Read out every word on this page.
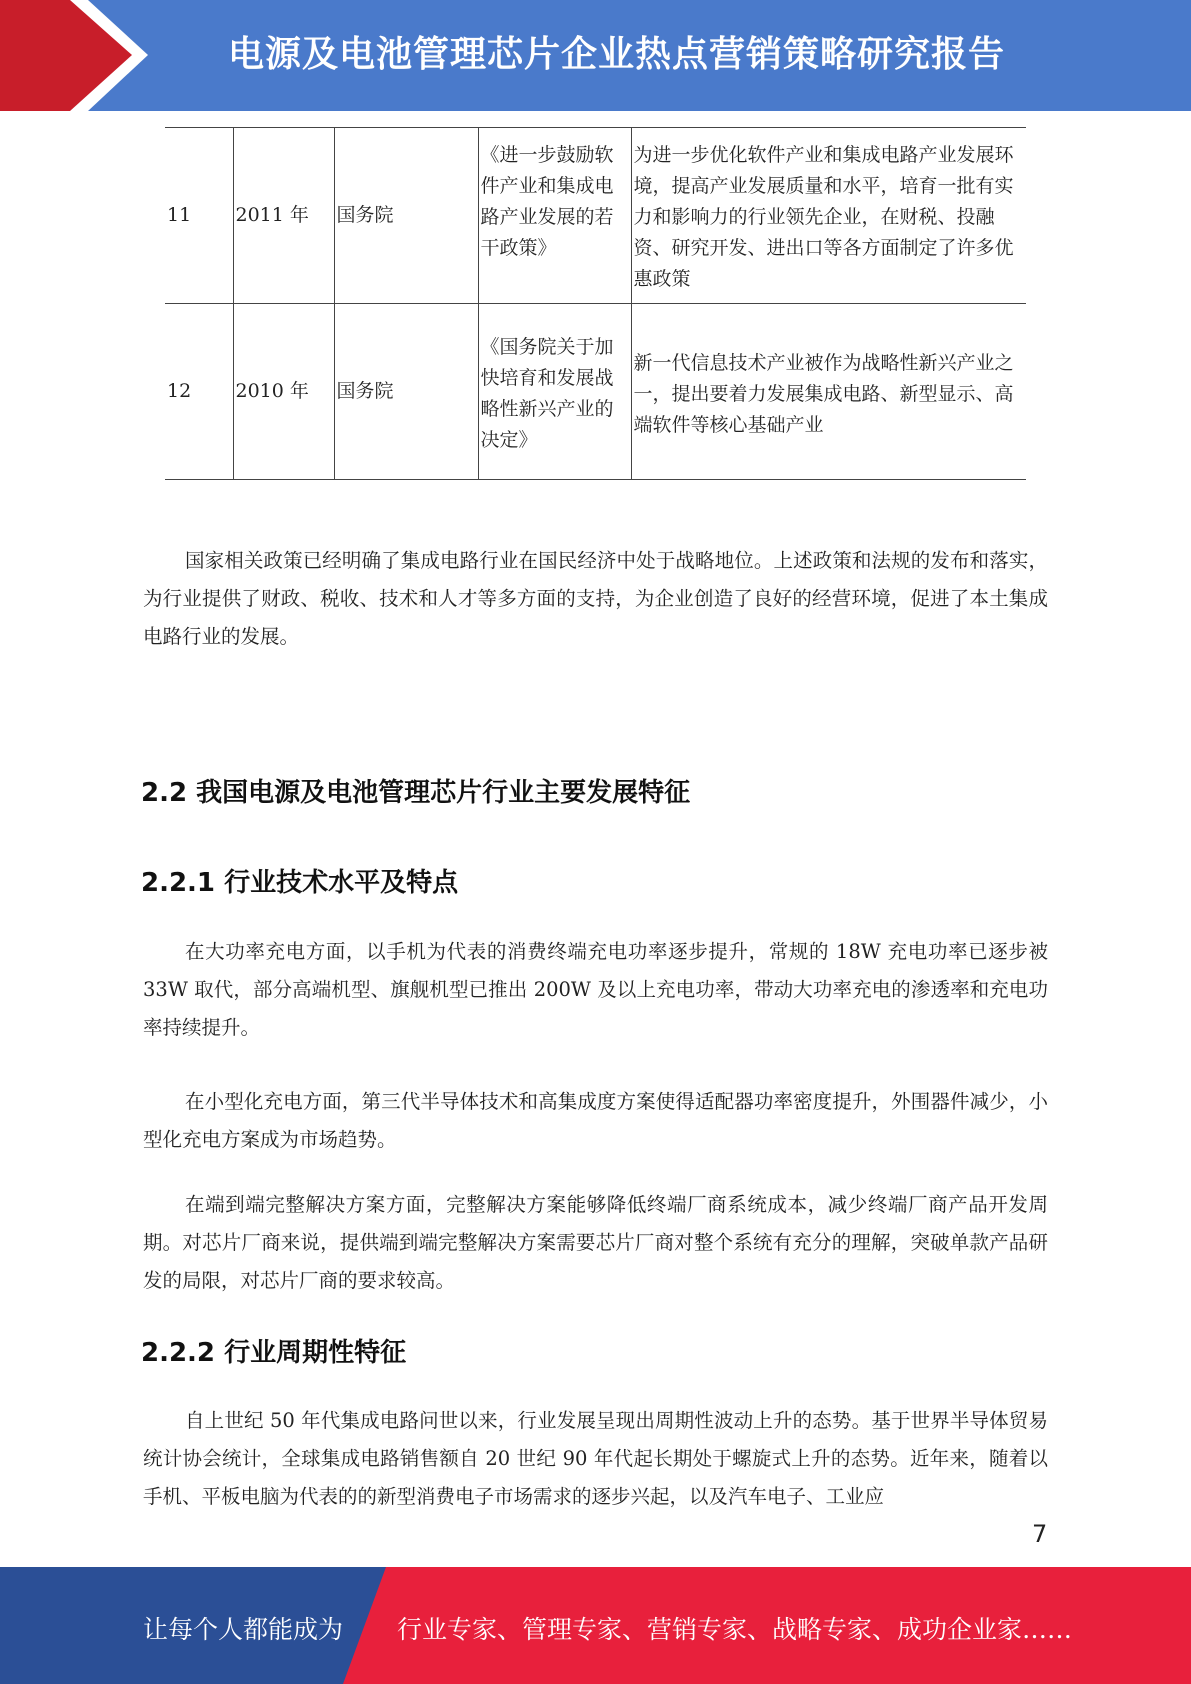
电源及电池管理芯片企业热点营销策略研究报告
11	2011 年	国务院	《进一步鼓励软件产业和集成电路产业发展的若干政策》	为进一步优化软件产业和集成电路产业发展环境，提高产业发展质量和水平，培育一批有实力和影响力的行业领先企业，在财税、投融资、研究开发、进出口等各方面制定了许多优惠政策
12	2010 年	国务院	《国务院关于加快培育和发展战略性新兴产业的决定》	新一代信息技术产业被作为战略性新兴产业之一，提出要着力发展集成电路、新型显示、高端软件等核心基础产业

国家相关政策已经明确了集成电路行业在国民经济中处于战略地位。上述政策和法规的发布和落实，为行业提供了财政、税收、技术和人才等多方面的支持，为企业创造了良好的经营环境，促进了本土集成电路行业的发展。

2.2 我国电源及电池管理芯片行业主要发展特征
2.2.1 行业技术水平及特点

在大功率充电方面，以手机为代表的消费终端充电功率逐步提升，常规的 18W 充电功率已逐步被 33W 取代，部分高端机型、旗舰机型已推出 200W 及以上充电功率，带动大功率充电的渗透率和充电功率持续提升。

在小型化充电方面，第三代半导体技术和高集成度方案使得适配器功率密度提升，外围器件减少，小型化充电方案成为市场趋势。

在端到端完整解决方案方面，完整解决方案能够降低终端厂商系统成本，减少终端厂商产品开发周期。对芯片厂商来说，提供端到端完整解决方案需要芯片厂商对整个系统有充分的理解，突破单款产品研发的局限，对芯片厂商的要求较高。

2.2.2 行业周期性特征

自上世纪 50 年代集成电路问世以来，行业发展呈现出周期性波动上升的态势。基于世界半导体贸易统计协会统计，全球集成电路销售额自 20 世纪 90 年代起长期处于螺旋式上升的态势。近年来，随着以手机、平板电脑为代表的的新型消费电子市场需求的逐步兴起，以及汽车电子、工业应

7
让每个人都能成为 行业专家、管理专家、营销专家、战略专家、成功企业家……
